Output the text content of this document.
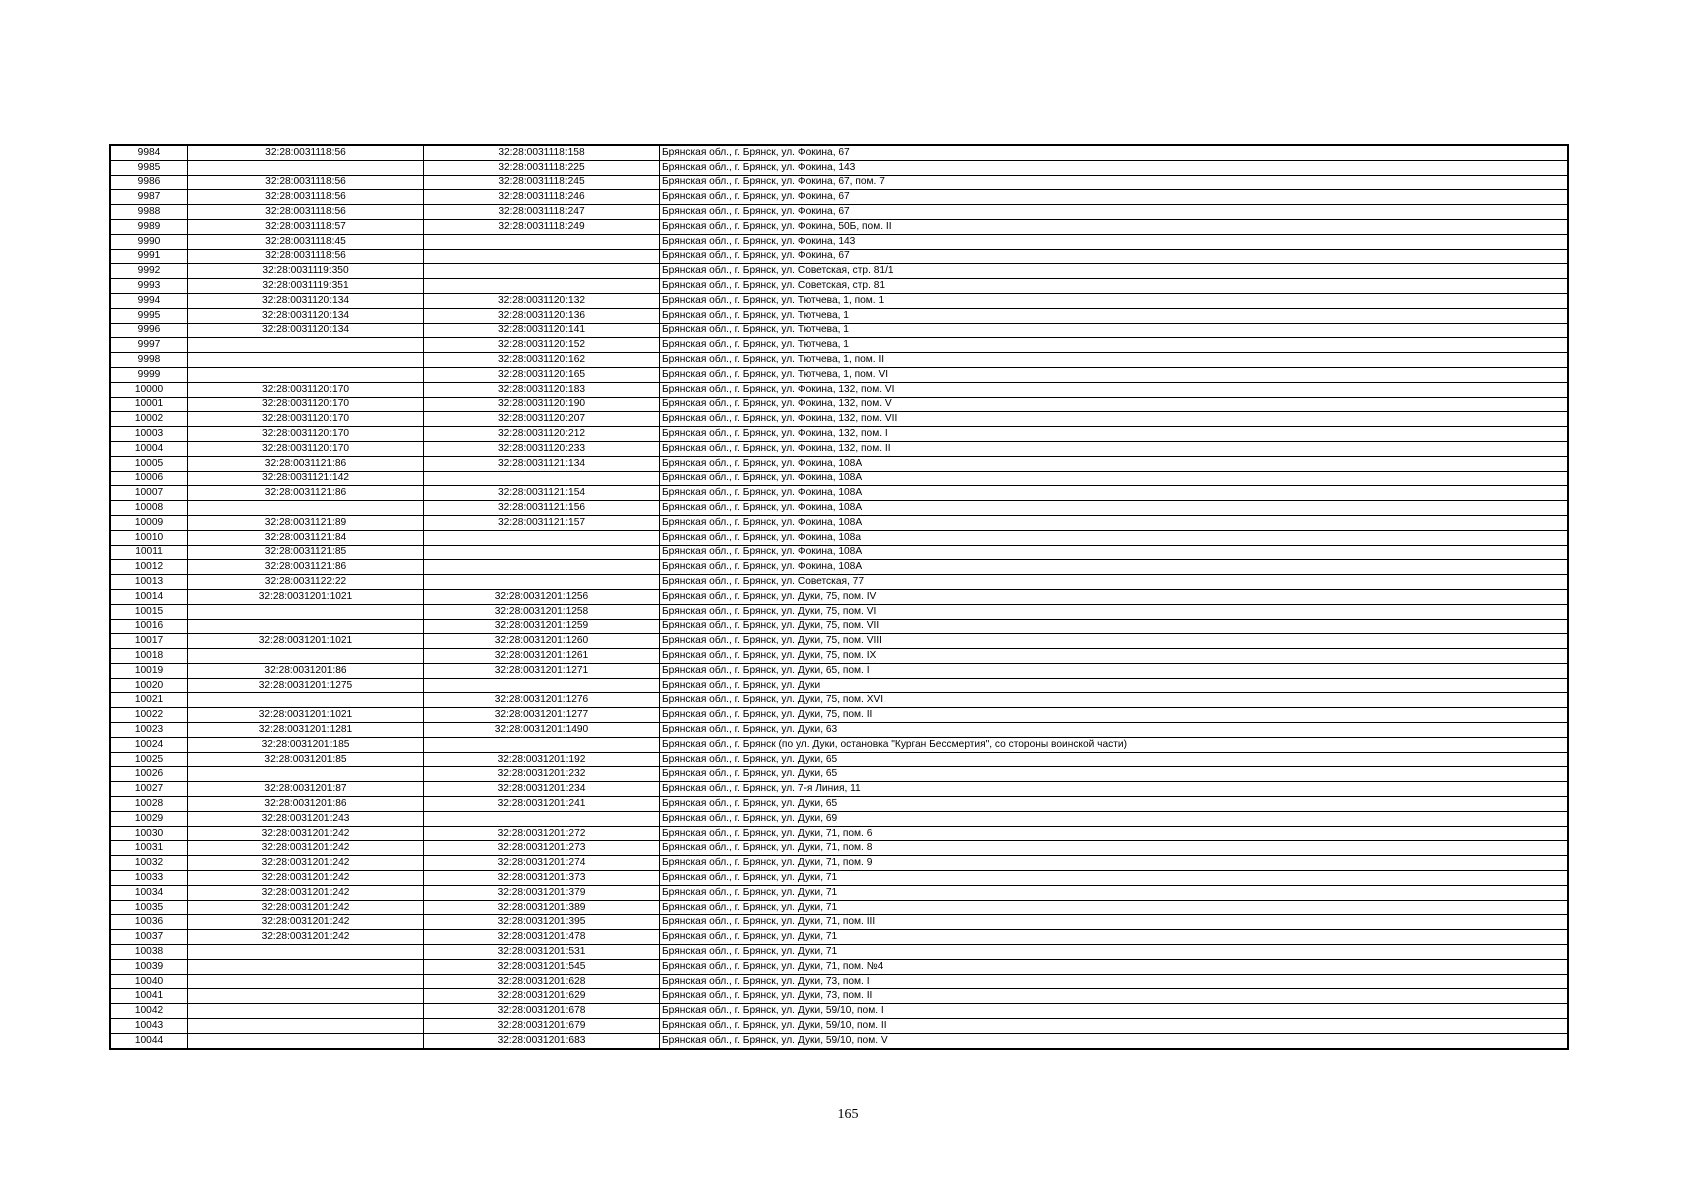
9984	32:28:0031118:56	32:28:0031118:158	Брянская обл., г. Брянск, ул. Фокина, 67
9985		32:28:0031118:225	Брянская обл., г. Брянск, ул. Фокина, 143
9986	32:28:0031118:56	32:28:0031118:245	Брянская обл., г. Брянск, ул. Фокина, 67, пом. 7
9987	32:28:0031118:56	32:28:0031118:246	Брянская обл., г. Брянск, ул. Фокина, 67
9988	32:28:0031118:56	32:28:0031118:247	Брянская обл., г. Брянск, ул. Фокина, 67
9989	32:28:0031118:57	32:28:0031118:249	Брянская обл., г. Брянск, ул. Фокина, 50Б, пом. II
9990	32:28:0031118:45		Брянская обл., г. Брянск, ул. Фокина, 143
9991	32:28:0031118:56		Брянская обл., г. Брянск, ул. Фокина, 67
9992	32:28:0031119:350		Брянская обл., г. Брянск, ул. Советская, стр. 81/1
9993	32:28:0031119:351		Брянская обл., г. Брянск, ул. Советская, стр. 81
9994	32:28:0031120:134	32:28:0031120:132	Брянская обл., г. Брянск, ул. Тютчева, 1, пом. 1
9995	32:28:0031120:134	32:28:0031120:136	Брянская обл., г. Брянск, ул. Тютчева, 1
9996	32:28:0031120:134	32:28:0031120:141	Брянская обл., г. Брянск, ул. Тютчева, 1
9997		32:28:0031120:152	Брянская обл., г. Брянск, ул. Тютчева, 1
9998		32:28:0031120:162	Брянская обл., г. Брянск, ул. Тютчева, 1, пом. II
9999		32:28:0031120:165	Брянская обл., г. Брянск, ул. Тютчева, 1, пом. VI
10000	32:28:0031120:170	32:28:0031120:183	Брянская обл., г. Брянск, ул. Фокина, 132, пом. VI
10001	32:28:0031120:170	32:28:0031120:190	Брянская обл., г. Брянск, ул. Фокина, 132, пом. V
10002	32:28:0031120:170	32:28:0031120:207	Брянская обл., г. Брянск, ул. Фокина, 132, пом. VII
10003	32:28:0031120:170	32:28:0031120:212	Брянская обл., г. Брянск, ул. Фокина, 132, пом. I
10004	32:28:0031120:170	32:28:0031120:233	Брянская обл., г. Брянск, ул. Фокина, 132, пом. II
10005	32:28:0031121:86	32:28:0031121:134	Брянская обл., г. Брянск, ул. Фокина, 108А
10006	32:28:0031121:142		Брянская обл., г. Брянск, ул. Фокина, 108А
10007	32:28:0031121:86	32:28:0031121:154	Брянская обл., г. Брянск, ул. Фокина, 108А
10008		32:28:0031121:156	Брянская обл., г. Брянск, ул. Фокина, 108А
10009	32:28:0031121:89	32:28:0031121:157	Брянская обл., г. Брянск, ул. Фокина, 108А
10010	32:28:0031121:84		Брянская обл., г. Брянск, ул. Фокина, 108а
10011	32:28:0031121:85		Брянская обл., г. Брянск, ул. Фокина, 108А
10012	32:28:0031121:86		Брянская обл., г. Брянск, ул. Фокина, 108А
10013	32:28:0031122:22		Брянская обл., г. Брянск, ул. Советская, 77
10014	32:28:0031201:1021	32:28:0031201:1256	Брянская обл., г. Брянск, ул. Дуки, 75, пом. IV
10015		32:28:0031201:1258	Брянская обл., г. Брянск, ул. Дуки, 75, пом. VI
10016		32:28:0031201:1259	Брянская обл., г. Брянск, ул. Дуки, 75, пом. VII
10017	32:28:0031201:1021	32:28:0031201:1260	Брянская обл., г. Брянск, ул. Дуки, 75, пом. VIII
10018		32:28:0031201:1261	Брянская обл., г. Брянск, ул. Дуки, 75, пом. IX
10019	32:28:0031201:86	32:28:0031201:1271	Брянская обл., г. Брянск, ул. Дуки, 65, пом. I
10020	32:28:0031201:1275		Брянская обл., г. Брянск, ул. Дуки
10021		32:28:0031201:1276	Брянская обл., г. Брянск, ул. Дуки, 75, пом. XVI
10022	32:28:0031201:1021	32:28:0031201:1277	Брянская обл., г. Брянск, ул. Дуки, 75, пом. II
10023	32:28:0031201:1281	32:28:0031201:1490	Брянская обл., г. Брянск, ул. Дуки, 63
10024	32:28:0031201:185		Брянская обл., г. Брянск (по ул. Дуки, остановка "Курган Бессмертия", со стороны воинской части)
10025	32:28:0031201:85	32:28:0031201:192	Брянская обл., г. Брянск, ул. Дуки, 65
10026		32:28:0031201:232	Брянская обл., г. Брянск, ул. Дуки, 65
10027	32:28:0031201:87	32:28:0031201:234	Брянская обл., г. Брянск, ул. 7-я Линия, 11
10028	32:28:0031201:86	32:28:0031201:241	Брянская обл., г. Брянск, ул. Дуки, 65
10029	32:28:0031201:243		Брянская обл., г. Брянск, ул. Дуки, 69
10030	32:28:0031201:242	32:28:0031201:272	Брянская обл., г. Брянск, ул. Дуки, 71, пом. 6
10031	32:28:0031201:242	32:28:0031201:273	Брянская обл., г. Брянск, ул. Дуки, 71, пом. 8
10032	32:28:0031201:242	32:28:0031201:274	Брянская обл., г. Брянск, ул. Дуки, 71, пом. 9
10033	32:28:0031201:242	32:28:0031201:373	Брянская обл., г. Брянск, ул. Дуки, 71
10034	32:28:0031201:242	32:28:0031201:379	Брянская обл., г. Брянск, ул. Дуки, 71
10035	32:28:0031201:242	32:28:0031201:389	Брянская обл., г. Брянск, ул. Дуки, 71
10036	32:28:0031201:242	32:28:0031201:395	Брянская обл., г. Брянск, ул. Дуки, 71, пом. III
10037	32:28:0031201:242	32:28:0031201:478	Брянская обл., г. Брянск, ул. Дуки, 71
10038		32:28:0031201:531	Брянская обл., г. Брянск, ул. Дуки, 71
10039		32:28:0031201:545	Брянская обл., г. Брянск, ул. Дуки, 71, пом. №4
10040		32:28:0031201:628	Брянская обл., г. Брянск, ул. Дуки, 73, пом. I
10041		32:28:0031201:629	Брянская обл., г. Брянск, ул. Дуки, 73, пом. II
10042		32:28:0031201:678	Брянская обл., г. Брянск, ул. Дуки, 59/10, пом. I
10043		32:28:0031201:679	Брянская обл., г. Брянск, ул. Дуки, 59/10, пом. II
10044		32:28:0031201:683	Брянская обл., г. Брянск, ул. Дуки, 59/10, пом. V
165
